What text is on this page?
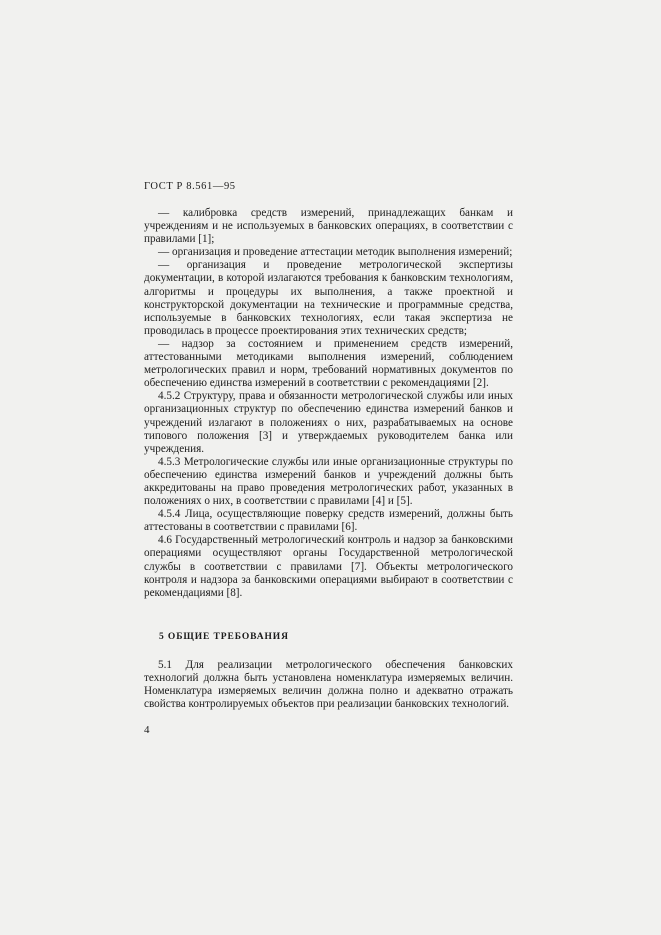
ГОСТ Р 8.561—95

— калибровка средств измерений, принадлежащих банкам и учреждениям и не используемых в банковских операциях, в соответствии с правилами [1];

— организация и проведение аттестации методик выполнения измерений;

— организация и проведение метрологической экспертизы документации, в которой излагаются требования к банковским технологиям, алгоритмы и процедуры их выполнения, а также проектной и конструкторской документации на технические и программные средства, используемые в банковских технологиях, если такая экспертиза не проводилась в процессе проектирования этих технических средств;

— надзор за состоянием и применением средств измерений, аттестованными методиками выполнения измерений, соблюдением метрологических правил и норм, требований нормативных документов по обеспечению единства измерений в соответствии с рекомендациями [2].

4.5.2 Структуру, права и обязанности метрологической службы или иных организационных структур по обеспечению единства измерений банков и учреждений излагают в положениях о них, разрабатываемых на основе типового положения [3] и утверждаемых руководителем банка или учреждения.

4.5.3 Метрологические службы или иные организационные структуры по обеспечению единства измерений банков и учреждений должны быть аккредитованы на право проведения метрологических работ, указанных в положениях о них, в соответствии с правилами [4] и [5].

4.5.4 Лица, осуществляющие поверку средств измерений, должны быть аттестованы в соответствии с правилами [6].

4.6 Государственный метрологический контроль и надзор за банковскими операциями осуществляют органы Государственной метрологической службы в соответствии с правилами [7]. Объекты метрологического контроля и надзора за банковскими операциями выбирают в соответствии с рекомендациями [8].

5 ОБЩИЕ ТРЕБОВАНИЯ

5.1 Для реализации метрологического обеспечения банковских технологий должна быть установлена номенклатура измеряемых величин. Номенклатура измеряемых величин должна полно и адекватно отражать свойства контролируемых объектов при реализации банковских технологий.

4
